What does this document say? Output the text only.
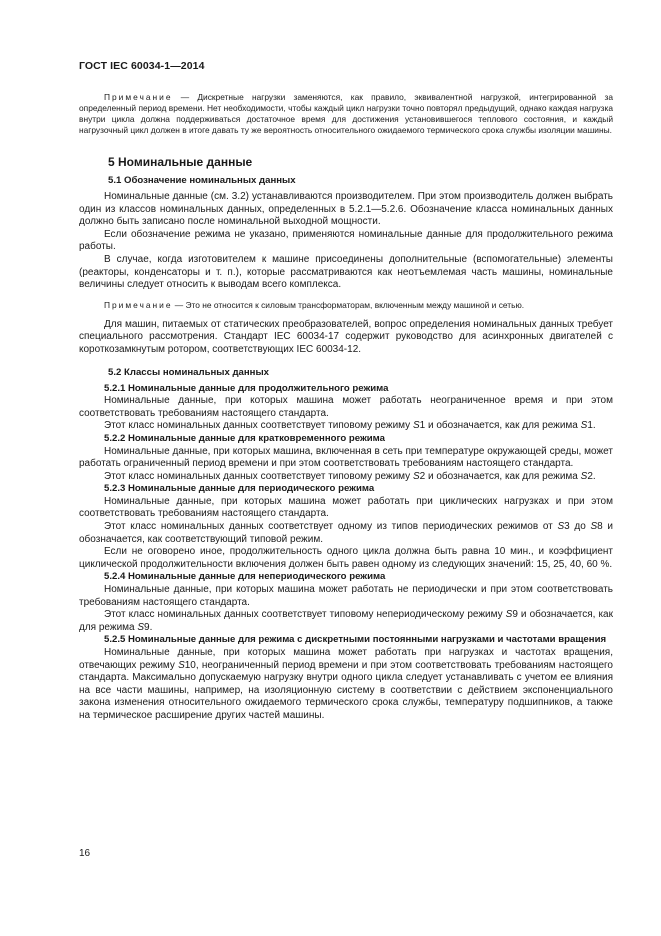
ГОСТ IEC 60034-1—2014

Примечание — Дискретные нагрузки заменяются, как правило, эквивалентной нагрузкой, интегрированной за определенный период времени. Нет необходимости, чтобы каждый цикл нагрузки точно повторял предыдущий, однако каждая нагрузка внутри цикла должна поддерживаться достаточное время для достижения установившегося теплового состояния, и каждый нагрузочный цикл должен в итоге давать ту же вероятность относительного ожидаемого термического срока службы изоляции машины.

5 Номинальные данные
5.1 Обозначение номинальных данных

Номинальные данные (см. 3.2) устанавливаются производителем. При этом производитель должен выбрать один из классов номинальных данных, определенных в 5.2.1—5.2.6. Обозначение класса номинальных данных должно быть записано после номинальной выходной мощности.

Если обозначение режима не указано, применяются номинальные данные для продолжительного режима работы.

В случае, когда изготовителем к машине присоединены дополнительные (вспомогательные) элементы (реакторы, конденсаторы и т. п.), которые рассматриваются как неотъемлемая часть машины, номинальные величины следует относить к выводам всего комплекса.

Примечание — Это не относится к силовым трансформаторам, включенным между машиной и сетью.

Для машин, питаемых от статических преобразователей, вопрос определения номинальных данных требует специального рассмотрения. Стандарт IEC 60034-17 содержит руководство для асинхронных двигателей с короткозамкнутым ротором, соответствующих IEC 60034-12.

5.2 Классы номинальных данных
5.2.1 Номинальные данные для продолжительного режима

Номинальные данные, при которых машина может работать неограниченное время и при этом соответствовать требованиям настоящего стандарта.

Этот класс номинальных данных соответствует типовому режиму S1 и обозначается, как для режима S1.

5.2.2 Номинальные данные для кратковременного режима

Номинальные данные, при которых машина, включенная в сеть при температуре окружающей среды, может работать ограниченный период времени и при этом соответствовать требованиям настоящего стандарта.

Этот класс номинальных данных соответствует типовому режиму S2 и обозначается, как для режима S2.

5.2.3 Номинальные данные для периодического режима

Номинальные данные, при которых машина может работать при циклических нагрузках и при этом соответствовать требованиям настоящего стандарта.

Этот класс номинальных данных соответствует одному из типов периодических режимов от S3 до S8 и обозначается, как соответствующий типовой режим.

Если не оговорено иное, продолжительность одного цикла должна быть равна 10 мин., и коэффициент циклической продолжительности включения должен быть равен одному из следующих значений: 15, 25, 40, 60 %.

5.2.4 Номинальные данные для непериодического режима

Номинальные данные, при которых машина может работать не периодически и при этом соответствовать требованиям настоящего стандарта.

Этот класс номинальных данных соответствует типовому непериодическому режиму S9 и обозначается, как для режима S9.

5.2.5 Номинальные данные для режима с дискретными постоянными нагрузками и частотами вращения

Номинальные данные, при которых машина может работать при нагрузках и частотах вращения, отвечающих режиму S10, неограниченный период времени и при этом соответствовать требованиям настоящего стандарта. Максимально допускаемую нагрузку внутри одного цикла следует устанавливать с учетом ее влияния на все части машины, например, на изоляционную систему в соответствии с действием экспоненциального закона изменения относительного ожидаемого термического срока службы, температуру подшипников, а также на термическое расширение других частей машины.

16
